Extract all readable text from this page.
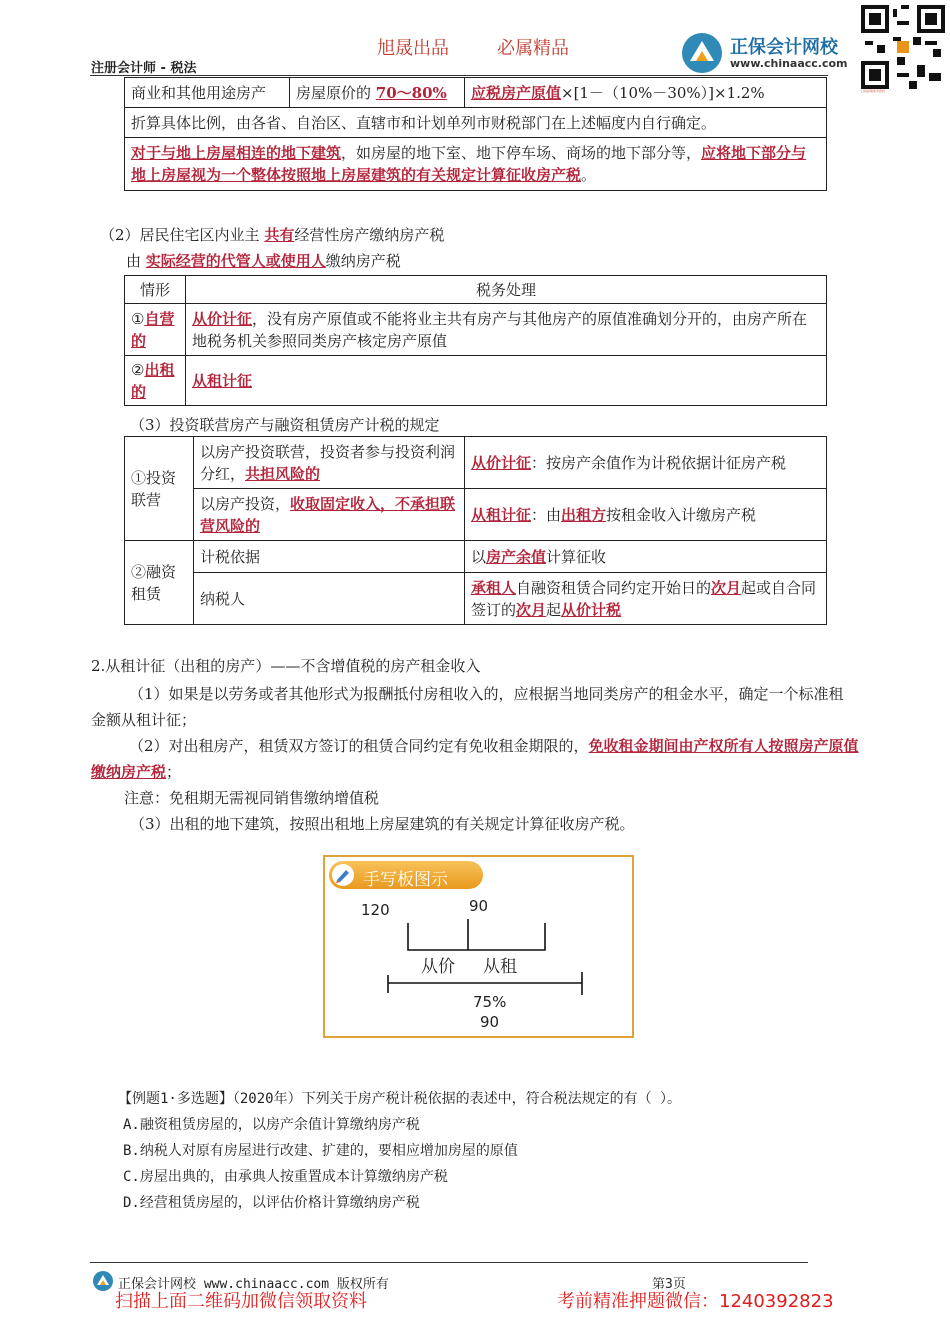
旭晟出品	必属精品
注册会计师 - 税法
正保会计网校
www.chinaacc.com
扫码获取更多资料
商业和其他用途房产	房屋原价的 70～80%	应税房产原值×[1－（10%－30%）]×1.2%
折算具体比例，由各省、自治区、直辖市和计划单列市财税部门在上述幅度内自行确定。
对于与地上房屋相连的地下建筑，如房屋的地下室、地下停车场、商场的地下部分等，应将地下部分与地上房屋视为一个整体按照地上房屋建筑的有关规定计算征收房产税。
（2）居民住宅区内业主 共有经营性房产缴纳房产税
由 实际经营的代管人或使用人缴纳房产税
情形	税务处理
①自营的	从价计征，没有房产原值或不能将业主共有房产与其他房产的原值准确划分开的，由房产所在地税务机关参照同类房产核定房产原值
②出租的	从租计征
（3）投资联营房产与融资租赁房产计税的规定
①投资联营	以房产投资联营，投资者参与投资利润分红，共担风险的	从价计征：按房产余值作为计税依据计征房产税
	以房产投资，收取固定收入，不承担联营风险的	从租计征：由出租方按租金收入计缴房产税
②融资租赁	计税依据	以房产余值计算征收
	纳税人	承租人自融资租赁合同约定开始日的次月起或自合同签订的次月起从价计税
2.从租计征（出租的房产）——不含增值税的房产租金收入
（1）如果是以劳务或者其他形式为报酬抵付房租收入的，应根据当地同类房产的租金水平，确定一个标准租金额从租计征；
（2）对出租房产，租赁双方签订的租赁合同约定有免收租金期限的，免收租金期间由产权所有人按照房产原值缴纳房产税；
注意：免租期无需视同销售缴纳增值税
（3）出租的地下建筑，按照出租地上房屋建筑的有关规定计算征收房产税。
手写板图示
120	90
从价 从租
75%
90
【例题1·多选题】（2020年）下列关于房产税计税依据的表述中，符合税法规定的有（ ）。
A.融资租赁房屋的，以房产余值计算缴纳房产税
B.纳税人对原有房屋进行改建、扩建的，要相应增加房屋的原值
C.房屋出典的，由承典人按重置成本计算缴纳房产税
D.经营租赁房屋的，以评估价格计算缴纳房产税
正保会计网校 www.chinaacc.com 版权所有	第3页
扫描上面二维码加微信领取资料	考前精准押题微信：1240392823
